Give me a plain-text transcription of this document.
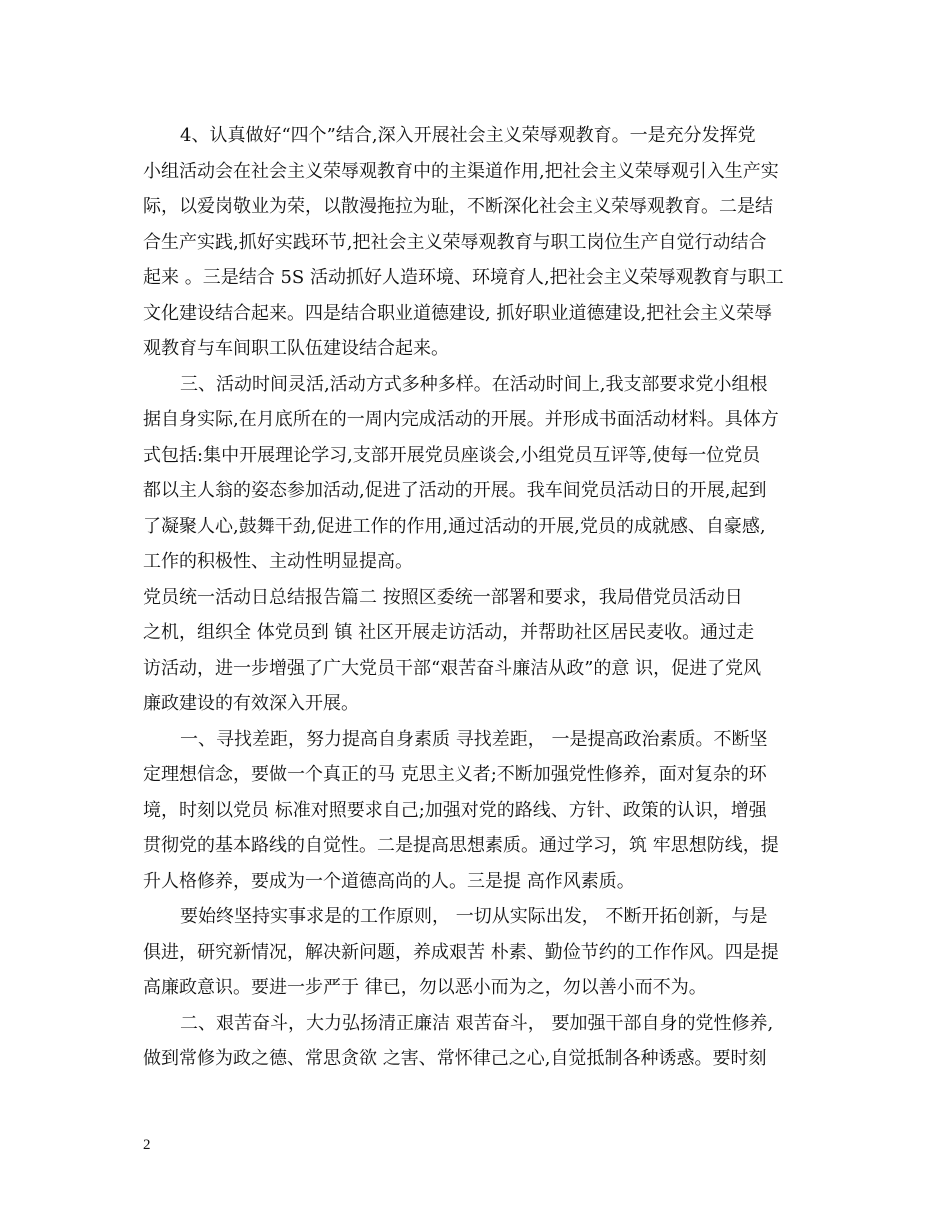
4、认真做好“四个”结合,深入开展社会主义荣辱观教育。一是充分发挥党
小组活动会在社会主义荣辱观教育中的主渠道作用,把社会主义荣辱观引入生产实
际，以爱岗敬业为荣，以散漫拖拉为耻，不断深化社会主义荣辱观教育。二是结
合生产实践,抓好实践环节,把社会主义荣辱观教育与职工岗位生产自觉行动结合
起来 。三是结合 5S 活动抓好人造环境、环境育人,把社会主义荣辱观教育与职工
文化建设结合起来。四是结合职业道德建设, 抓好职业道德建设,把社会主义荣辱
观教育与车间职工队伍建设结合起来。
三、活动时间灵活,活动方式多种多样。在活动时间上,我支部要求党小组根
据自身实际,在月底所在的一周内完成活动的开展。并形成书面活动材料。具体方
式包括:集中开展理论学习,支部开展党员座谈会,小组党员互评等,使每一位党员
都以主人翁的姿态参加活动,促进了活动的开展。我车间党员活动日的开展,起到
了凝聚人心,鼓舞干劲,促进工作的作用,通过活动的开展,党员的成就感、自豪感,
工作的积极性、主动性明显提高。
党员统一活动日总结报告篇二 按照区委统一部署和要求，我局借党员活动日
之机，组织全 体党员到 镇 社区开展走访活动，并帮助社区居民麦收。通过走
访活动，进一步增强了广大党员干部“艰苦奋斗廉洁从政”的意 识，促进了党风
廉政建设的有效深入开展。
一、寻找差距，努力提高自身素质 寻找差距， 一是提高政治素质。不断坚
定理想信念，要做一个真正的马 克思主义者;不断加强党性修养，面对复杂的环
境，时刻以党员 标准对照要求自己;加强对党的路线、方针、政策的认识，增强
贯彻党的基本路线的自觉性。二是提高思想素质。通过学习，筑 牢思想防线，提
升人格修养，要成为一个道德高尚的人。三是提 高作风素质。
要始终坚持实事求是的工作原则， 一切从实际出发， 不断开拓创新，与是
俱进，研究新情况，解决新问题，养成艰苦 朴素、勤俭节约的工作作风。四是提
高廉政意识。要进一步严于 律已，勿以恶小而为之，勿以善小而不为。
二、艰苦奋斗，大力弘扬清正廉洁 艰苦奋斗， 要加强干部自身的党性修养,
做到常修为政之德、常思贪欲 之害、常怀律己之心,自觉抵制各种诱惑。要时刻
2
